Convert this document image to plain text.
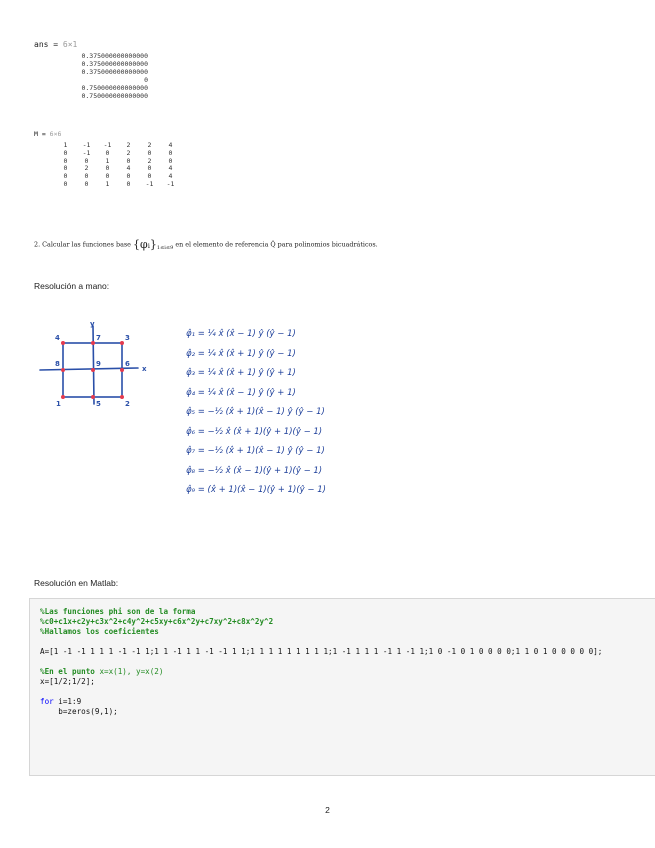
ans = 6×1
0.375000000000000
0.375000000000000
0.375000000000000
0
0.750000000000000
0.750000000000000
M = 6×6
1	-1	-1	2	2	4
0	-1	0	2	0	0
0	0	1	0	2	0
0	2	0	4	0	4
0	0	0	0	0	4
0	0	1	0	-1	-1
2. Calcular las funciones base $\{\varphi ᵢ\}_{1\le i\le 9}$ en el elemento de referencia Q̂ para polinomios bicuadráticos.
Resolución a mano:
x
y
1	2
3
4
5
6
7
8	9
φ̂₁ = ¼ x̂ (x̂ − 1) ŷ (ŷ − 1)
φ̂₂ = ¼ x̂ (x̂ + 1) ŷ (ŷ − 1)
φ̂₃ = ¼ x̂ (x̂ + 1) ŷ (ŷ + 1)
φ̂₄ = ¼ x̂ (x̂ − 1) ŷ (ŷ + 1)
φ̂₅ = −½ (x̂ + 1)(x̂ − 1) ŷ (ŷ − 1)
φ̂₆ = −½ x̂ (x̂ + 1)(ŷ + 1)(ŷ − 1)
φ̂₇ = −½ (x̂ + 1)(x̂ − 1) ŷ (ŷ − 1)
φ̂₈ = −½ x̂ (x̂ − 1)(ŷ + 1)(ŷ − 1)
φ̂₉ = (x̂ + 1)(x̂ − 1)(ŷ + 1)(ŷ − 1)
Resolución en Matlab:
%Las funciones phi son de la forma
%c0+c1x+c2y+c3x^2+c4y^2+c5xy+c6x^2y+c7xy^2+c8x^2y^2
%Hallamos los coeficientes
A=[1 -1 -1 1 1 1 -1 -1 1;1 1 -1 1 1 -1 -1 1 1;1 1 1 1 1 1 1 1 1;1 -1 1 1 1 -1 1 -1 1;1 0 -1 0 1 0 0 0 0;1 1 0 1 0 0 0 0 0];
%En el punto x=x(1), y=x(2)
x=[1/2;1/2];
for i=1:9
b=zeros(9,1);
2
